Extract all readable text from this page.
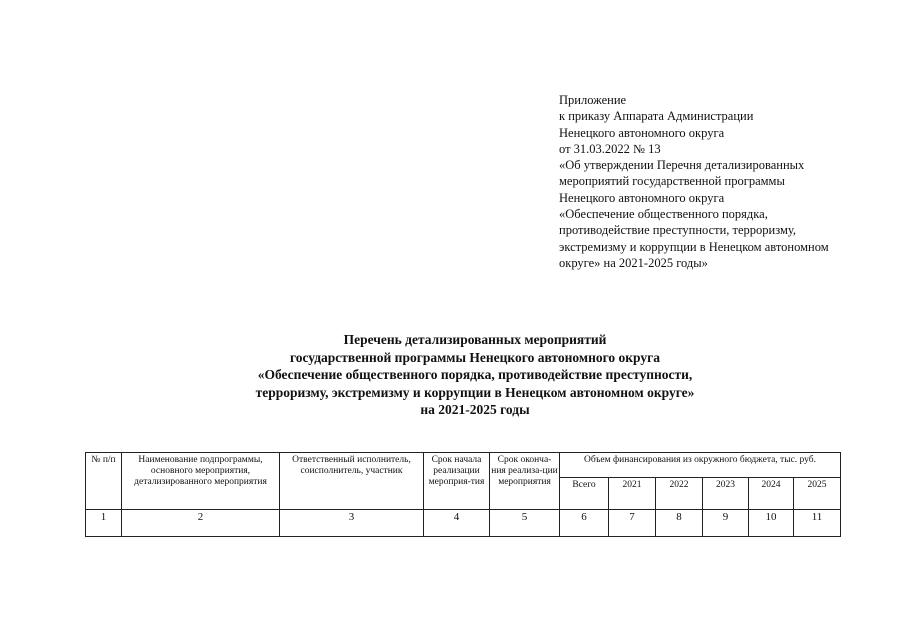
Приложение
к приказу Аппарата Администрации
Ненецкого автономного округа
от 31.03.2022 № 13
«Об утверждении Перечня детализированных
мероприятий государственной программы
Ненецкого автономного округа
«Обеспечение общественного порядка,
противодействие преступности, терроризму,
экстремизму и коррупции в Ненецком автономном
округе» на 2021-2025 годы»
Перечень детализированных мероприятий
государственной программы Ненецкого автономного округа
«Обеспечение общественного порядка, противодействие преступности,
терроризму, экстремизму и коррупции в Ненецком автономном округе»
на 2021-2025 годы
№ п/п	Наименование подпрограммы, основного мероприятия, детализированного мероприятия	Ответственный исполнитель, соисполнитель, участник	Срок начала реализации мероприя-тия	Срок оконча-ния реализа-ции мероприятия	Объем финансирования из окружного бюджета, тыс. руб.					
					Всего	2021	2022	2023	2024	2025
1	2	3	4	5	6	7	8	9	10	11
